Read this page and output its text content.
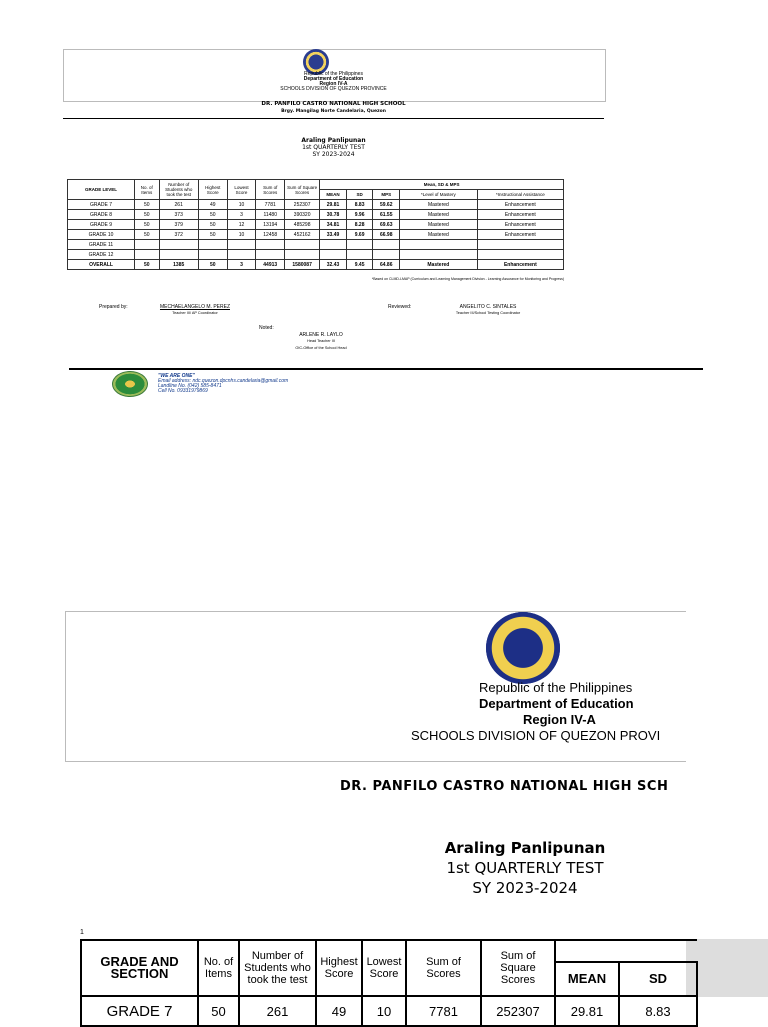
Republic of the Philippines
Department of Education
Region IV-A
SCHOOLS DIVISION OF QUEZON PROVINCE
DR. PANFILO CASTRO NATIONAL HIGH SCHOOL
Brgy. Mangilag Norte Candelaria, Quezon
Araling Panlipunan
1st QUARTERLY TEST
SY 2023-2024
GRADE LEVEL	No. of Items	Number of Students who took the test	Highest Score	Lowest Score	Sum of Scores	Sum of Square Scores	Mean, SD & MPS				
							MEAN	SD	MPS	*Level of Mastery	*Instructional Assistance
GRADE 7	50	261	49	10	7781	252307	29.81	8.83	59.62	Mastered	Enhancement
GRADE 8	50	373	50	3	11480	390320	30.78	9.96	61.55	Mastered	Enhancement
GRADE 9	50	379	50	12	13194	485298	34.81	8.28	69.63	Mastered	Enhancement
GRADE 10	50	372	50	10	12458	452162	33.49	9.69	66.98	Mastered	Enhancement
GRADE 11											
GRADE 12											
OVERALL	50	1385	50	3	44913	1580087	32.43	9.45	64.86	Mastered	Enhancement
*Based on CLMD-LMAP (Curriculum and Learning Management Division - Learning Assurance for Monitoring and Progress)
Prepared by:	MECHAELANGELO M. PEREZ
Teacher III/ AP Coordinator
Reviewed:	ANGELITO C. SINTALES
Teacher III/School Testing Coordinator
Noted:
ARLENE R. LAYLO
Head Teacher III
OIC-Office of the School Head
"WE ARE ONE"
Email address: ndc.quezon.dpcnhs.candelaria@gmail.com
Landline No. (042) 585-8471
Cell No. 09331979869
Republic of the Philippines
Department of Education
Region IV-A
SCHOOLS DIVISION OF QUEZON PROVI
DR. PANFILO CASTRO NATIONAL HIGH SCH
Araling Panlipunan
1st QUARTERLY TEST
SY 2023-2024
1
GRADE AND SECTION	No. of Items	Number of Students who took the test	Highest Score	Lowest Score	Sum of Scores	Sum of Square Scores		
							MEAN	SD
GRADE 7	50	261	49	10	7781	252307	29.81	8.83
